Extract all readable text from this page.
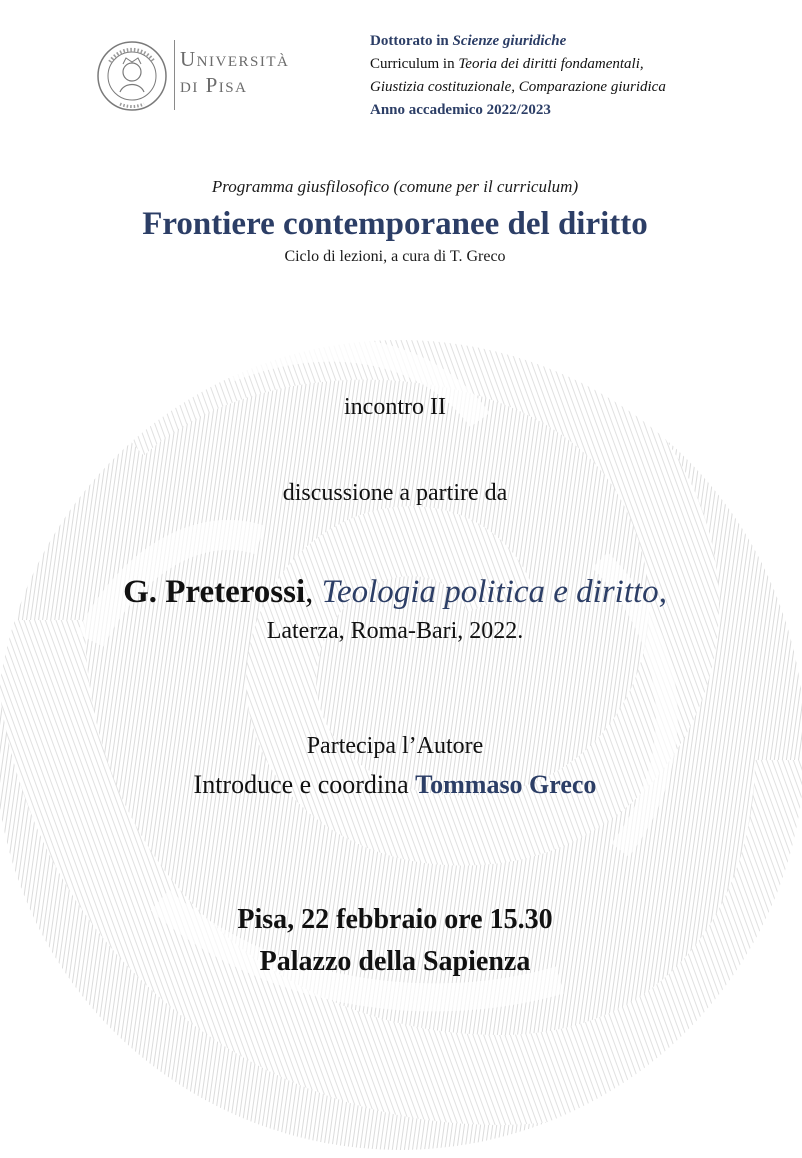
Università
di Pisa
Dottorato in Scienze giuridiche
Curriculum in Teoria dei diritti fondamentali,
Giustizia costituzionale, Comparazione giuridica
Anno accademico 2022/2023
Programma giusfilosofico (comune per il curriculum)
Frontiere contemporanee del diritto
Ciclo di lezioni, a cura di T. Greco
incontro II
discussione a partire da
G. Preterossi, Teologia politica e diritto,
Laterza, Roma-Bari, 2022.
Partecipa l’Autore
Introduce e coordina Tommaso Greco
Pisa, 22 febbraio ore 15.30
Palazzo della Sapienza
